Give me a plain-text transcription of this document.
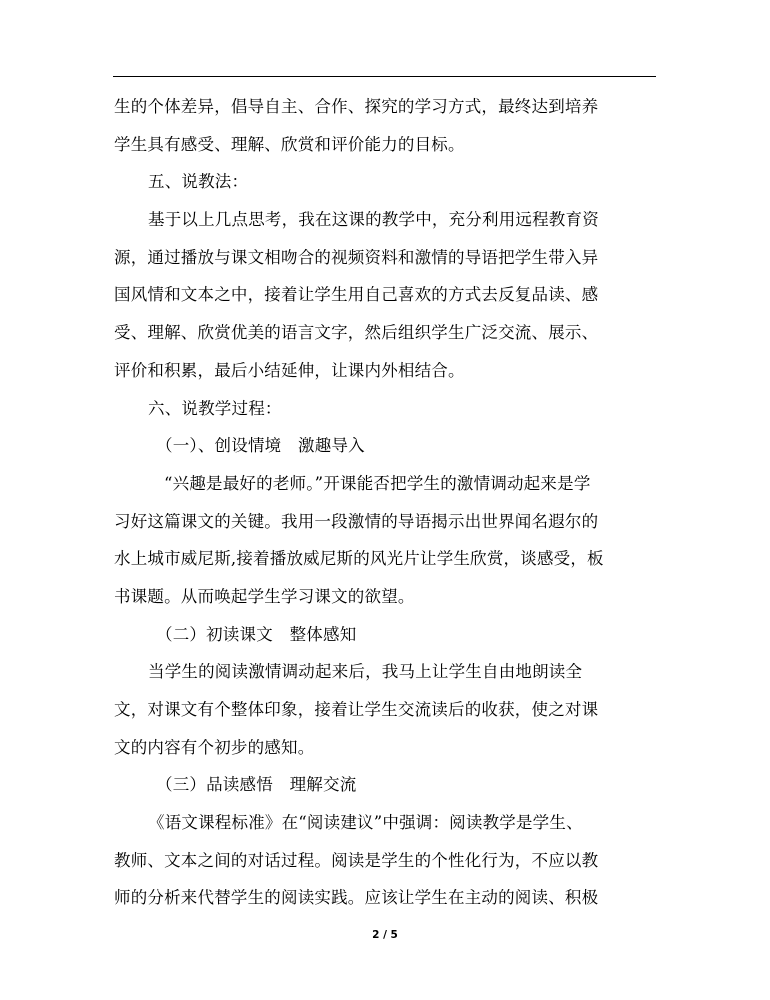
生的个体差异，倡导自主、合作、探究的学习方式，最终达到培养
学生具有感受、理解、欣赏和评价能力的目标。
五、说教法：
基于以上几点思考，我在这课的教学中，充分利用远程教育资
源，通过播放与课文相吻合的视频资料和激情的导语把学生带入异
国风情和文本之中，接着让学生用自己喜欢的方式去反复品读、感
受、理解、欣赏优美的语言文字，然后组织学生广泛交流、展示、
评价和积累，最后小结延伸，让课内外相结合。
六、说教学过程：
（一）、创设情境　激趣导入
“兴趣是最好的老师。”开课能否把学生的激情调动起来是学
习好这篇课文的关键。我用一段激情的导语揭示出世界闻名遐尔的
水上城市威尼斯,接着播放威尼斯的风光片让学生欣赏，谈感受，板
书课题。从而唤起学生学习课文的欲望。
（二）初读课文　整体感知
当学生的阅读激情调动起来后，我马上让学生自由地朗读全
文，对课文有个整体印象，接着让学生交流读后的收获，使之对课
文的内容有个初步的感知。
（三）品读感悟　理解交流
《语文课程标准》在“阅读建议”中强调：阅读教学是学生、
教师、文本之间的对话过程。阅读是学生的个性化行为，不应以教
师的分析来代替学生的阅读实践。应该让学生在主动的阅读、积极
2 / 5
